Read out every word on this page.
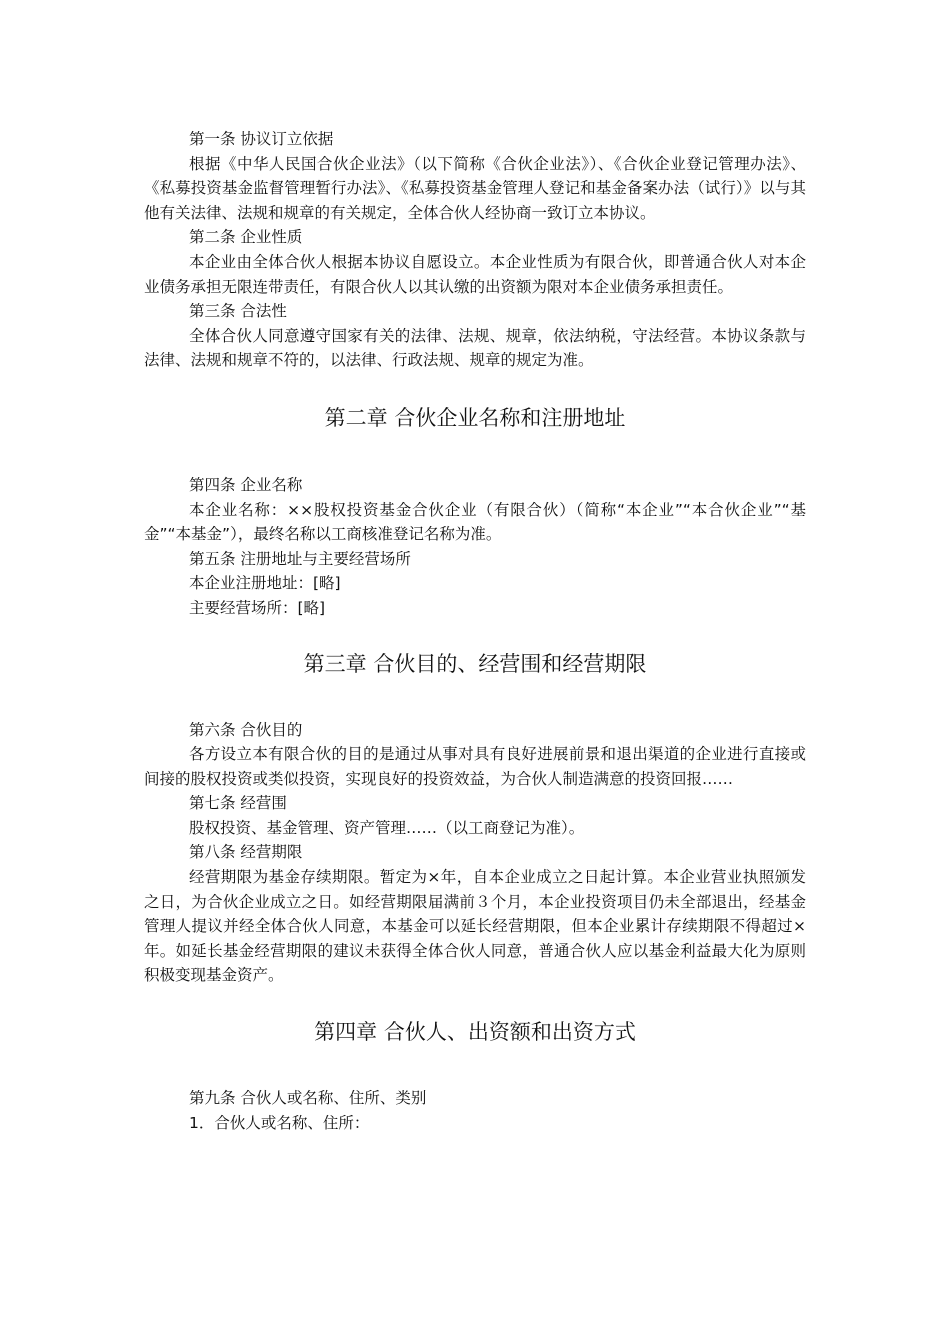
第一条 协议订立依据

根据《中华人民国合伙企业法》（以下简称《合伙企业法》）、《合伙企业登记管理办法》、《私募投资基金监督管理暂行办法》、《私募投资基金管理人登记和基金备案办法（试行）》以与其他有关法律、法规和规章的有关规定，全体合伙人经协商一致订立本协议。

第二条 企业性质

本企业由全体合伙人根据本协议自愿设立。本企业性质为有限合伙，即普通合伙人对本企业债务承担无限连带责任，有限合伙人以其认缴的出资额为限对本企业债务承担责任。

第三条 合法性

全体合伙人同意遵守国家有关的法律、法规、规章，依法纳税，守法经营。本协议条款与法律、法规和规章不符的，以法律、行政法规、规章的规定为准。

第二章 合伙企业名称和注册地址

第四条 企业名称

本企业名称：××股权投资基金合伙企业（有限合伙）（简称“本企业”“本合伙企业”“基金”“本基金”），最终名称以工商核准登记名称为准。

第五条 注册地址与主要经营场所

本企业注册地址：[略]

主要经营场所：[略]

第三章 合伙目的、经营围和经营期限

第六条 合伙目的

各方设立本有限合伙的目的是通过从事对具有良好进展前景和退出渠道的企业进行直接或间接的股权投资或类似投资，实现良好的投资效益，为合伙人制造满意的投资回报……

第七条 经营围

股权投资、基金管理、资产管理……（以工商登记为准）。

第八条 经营期限

经营期限为基金存续期限。暂定为×年，自本企业成立之日起计算。本企业营业执照颁发之日，为合伙企业成立之日。如经营期限届满前３个月，本企业投资项目仍未全部退出，经基金管理人提议并经全体合伙人同意，本基金可以延长经营期限，但本企业累计存续期限不得超过×年。如延长基金经营期限的建议未获得全体合伙人同意，普通合伙人应以基金利益最大化为原则积极变现基金资产。

第四章 合伙人、出资额和出资方式

第九条 合伙人或名称、住所、类别

1．合伙人或名称、住所：
